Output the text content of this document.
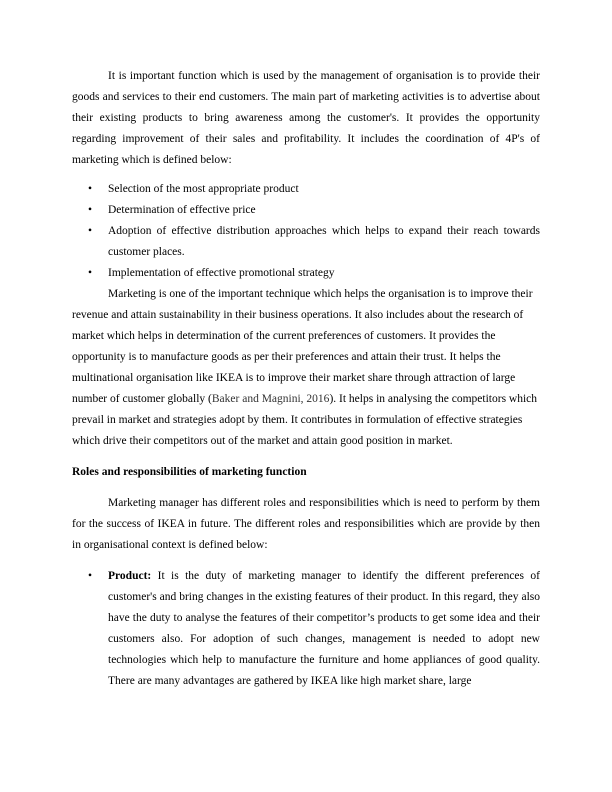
It is important function which is used by the management of organisation is to provide their goods and services to their end customers. The main part of marketing activities is to advertise about their existing products to bring awareness among the customer's. It provides the opportunity regarding improvement of their sales and profitability. It includes the coordination of 4P's of marketing which is defined below:

• Selection of the most appropriate product
• Determination of effective price
• Adoption of effective distribution approaches which helps to expand their reach towards customer places.
• Implementation of effective promotional strategy

Marketing is one of the important technique which helps the organisation is to improve their revenue and attain sustainability in their business operations. It also includes about the research of market which helps in determination of the current preferences of customers. It provides the opportunity is to manufacture goods as per their preferences and attain their trust. It helps the multinational organisation like IKEA is to improve their market share through attraction of large number of customer globally (Baker and Magnini, 2016). It helps in analysing the competitors which prevail in market and strategies adopt by them. It contributes in formulation of effective strategies which drive their competitors out of the market and attain good position in market.

Roles and responsibilities of marketing function

Marketing manager has different roles and responsibilities which is need to perform by them for the success of IKEA in future. The different roles and responsibilities which are provide by then in organisational context is defined below:

• Product: It is the duty of marketing manager to identify the different preferences of customer's and bring changes in the existing features of their product. In this regard, they also have the duty to analyse the features of their competitor’s products to get some idea and their customers also. For adoption of such changes, management is needed to adopt new technologies which help to manufacture the furniture and home appliances of good quality. There are many advantages are gathered by IKEA like high market share, large
